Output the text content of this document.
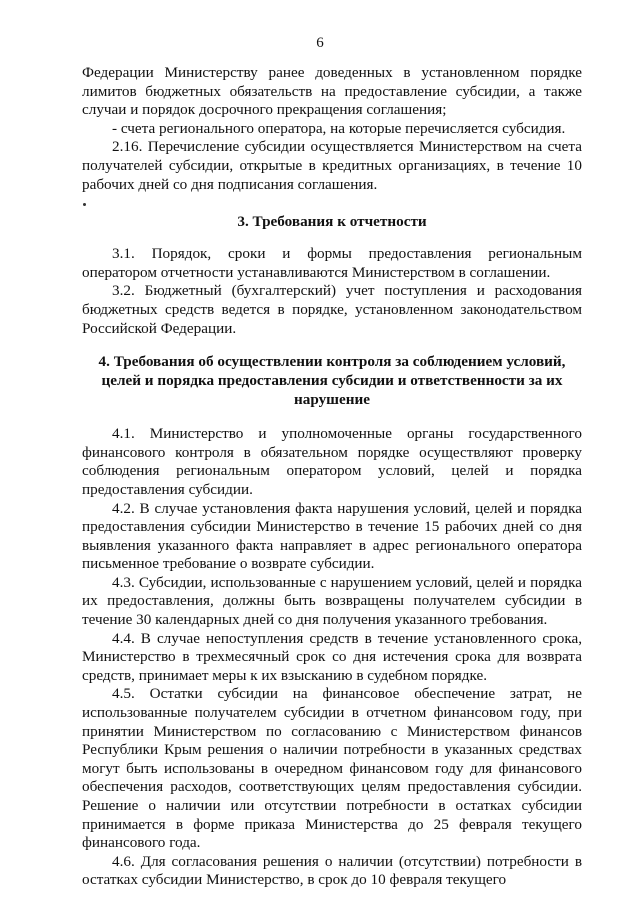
6

Федерации Министерству ранее доведенных в установленном порядке лимитов бюджетных обязательств на предоставление субсидии, а также случаи и порядок досрочного прекращения соглашения;

- счета регионального оператора, на которые перечисляется субсидия.

2.16. Перечисление субсидии осуществляется Министерством на счета получателей субсидии, открытые в кредитных организациях, в течение 10 рабочих дней со дня подписания соглашения.

3. Требования к отчетности

3.1. Порядок, сроки и формы предоставления региональным оператором отчетности устанавливаются Министерством в соглашении.

3.2. Бюджетный (бухгалтерский) учет поступления и расходования бюджетных средств ведется в порядке, установленном законодательством Российской Федерации.

4. Требования об осуществлении контроля за соблюдением условий, целей и порядка предоставления субсидии и ответственности за их нарушение

4.1. Министерство и уполномоченные органы государственного финансового контроля в обязательном порядке осуществляют проверку соблюдения региональным оператором условий, целей и порядка предоставления субсидии.

4.2. В случае установления факта нарушения условий, целей и порядка предоставления субсидии Министерство в течение 15 рабочих дней со дня выявления указанного факта направляет в адрес регионального оператора письменное требование о возврате субсидии.

4.3. Субсидии, использованные с нарушением условий, целей и порядка их предоставления, должны быть возвращены получателем субсидии в течение 30 календарных дней со дня получения указанного требования.

4.4. В случае непоступления средств в течение установленного срока, Министерство в трехмесячный срок со дня истечения срока для возврата средств, принимает меры к их взысканию в судебном порядке.

4.5. Остатки субсидии на финансовое обеспечение затрат, не использованные получателем субсидии в отчетном финансовом году, при принятии Министерством по согласованию с Министерством финансов Республики Крым решения о наличии потребности в указанных средствах могут быть использованы в очередном финансовом году для финансового обеспечения расходов, соответствующих целям предоставления субсидии. Решение о наличии или отсутствии потребности в остатках субсидии принимается в форме приказа Министерства до 25 февраля текущего финансового года.

4.6. Для согласования решения о наличии (отсутствии) потребности в остатках субсидии Министерство, в срок до 10 февраля текущего
